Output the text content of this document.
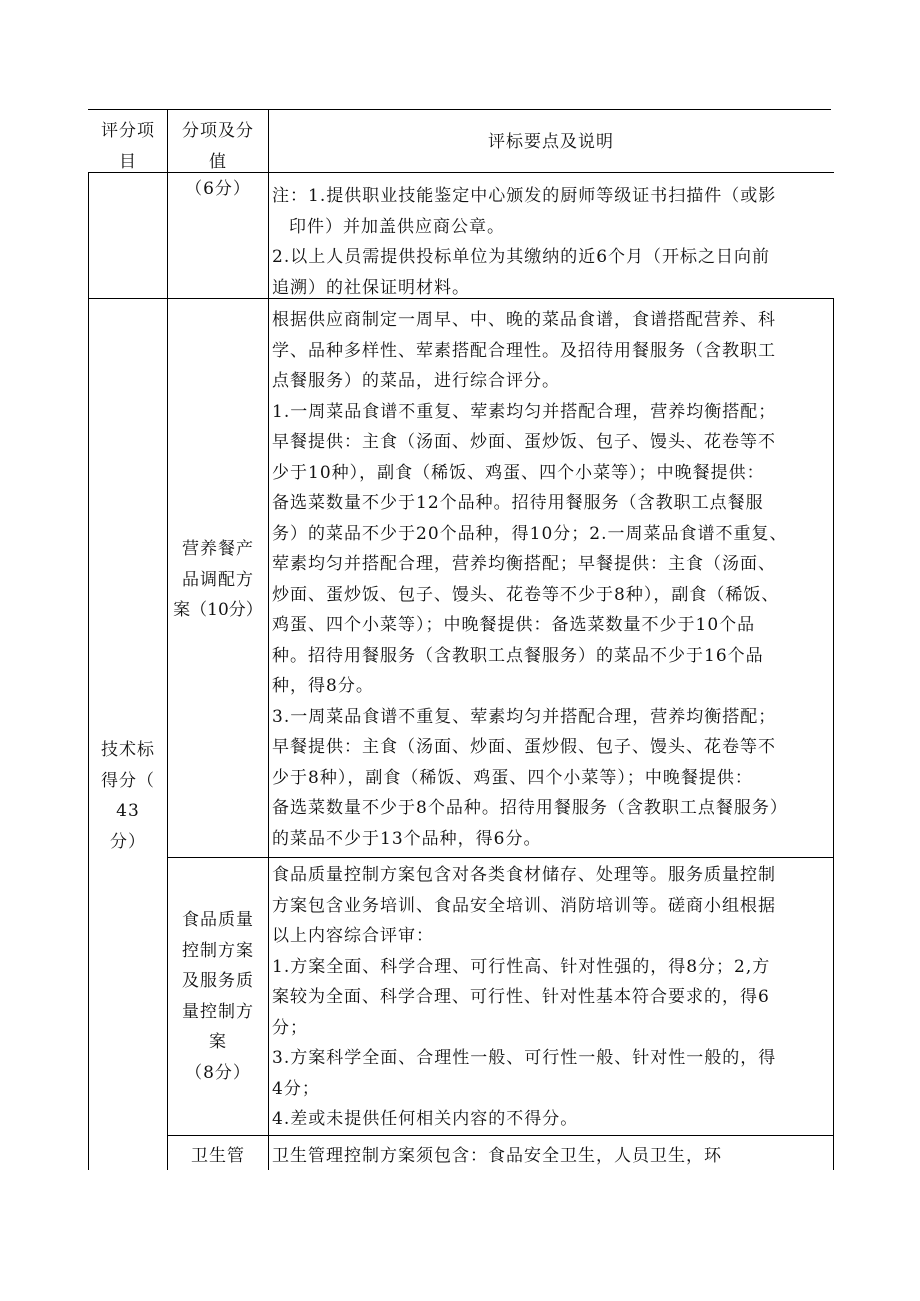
评分项
目
分项及分
值
评标要点及说明
（6分）	注：1.提供职业技能鉴定中心颁发的厨师等级证书扫描件（或影
印件）并加盖供应商公章。
2.以上人员需提供投标单位为其缴纳的近6个月（开标之日向前
追溯）的社保证明材料。
技术标
得分（
43
分）
营养餐产
品调配方
案（10分）
根据供应商制定一周早、中、晚的菜品食谱，食谱搭配营养、科
学、品种多样性、荤素搭配合理性。及招待用餐服务（含教职工
点餐服务）的菜品，进行综合评分。
1.一周菜品食谱不重复、荤素均匀并搭配合理，营养均衡搭配；
早餐提供：主食（汤面、炒面、蛋炒饭、包子、馒头、花卷等不
少于10种），副食（稀饭、鸡蛋、四个小菜等）；中晚餐提供：
备选菜数量不少于12个品种。招待用餐服务（含教职工点餐服
务）的菜品不少于20个品种，得10分；2.一周菜品食谱不重复、
荤素均匀并搭配合理，营养均衡搭配；早餐提供：主食（汤面、
炒面、蛋炒饭、包子、馒头、花卷等不少于8种），副食（稀饭、
鸡蛋、四个小菜等）；中晚餐提供：备选菜数量不少于10个品
种。招待用餐服务（含教职工点餐服务）的菜品不少于16个品
种，得8分。
3.一周菜品食谱不重复、荤素均匀并搭配合理，营养均衡搭配；
早餐提供：主食（汤面、炒面、蛋炒假、包子、馒头、花卷等不
少于8种），副食（稀饭、鸡蛋、四个小菜等）；中晚餐提供：
备选菜数量不少于8个品种。招待用餐服务（含教职工点餐服务）
的菜品不少于13个品种，得6分。
食品质量
控制方案
及服务质
量控制方
案
（8分）
食品质量控制方案包含对各类食材储存、处理等。服务质量控制
方案包含业务培训、食品安全培训、消防培训等。磋商小组根据
以上内容综合评审：
1.方案全面、科学合理、可行性高、针对性强的，得8分；2,方
案较为全面、科学合理、可行性、针对性基本符合要求的，得6
分；
3.方案科学全面、合理性一般、可行性一般、针对性一般的，得
4分；
4.差或未提供任何相关内容的不得分。
卫生管	卫生管理控制方案须包含：食品安全卫生，人员卫生，环
